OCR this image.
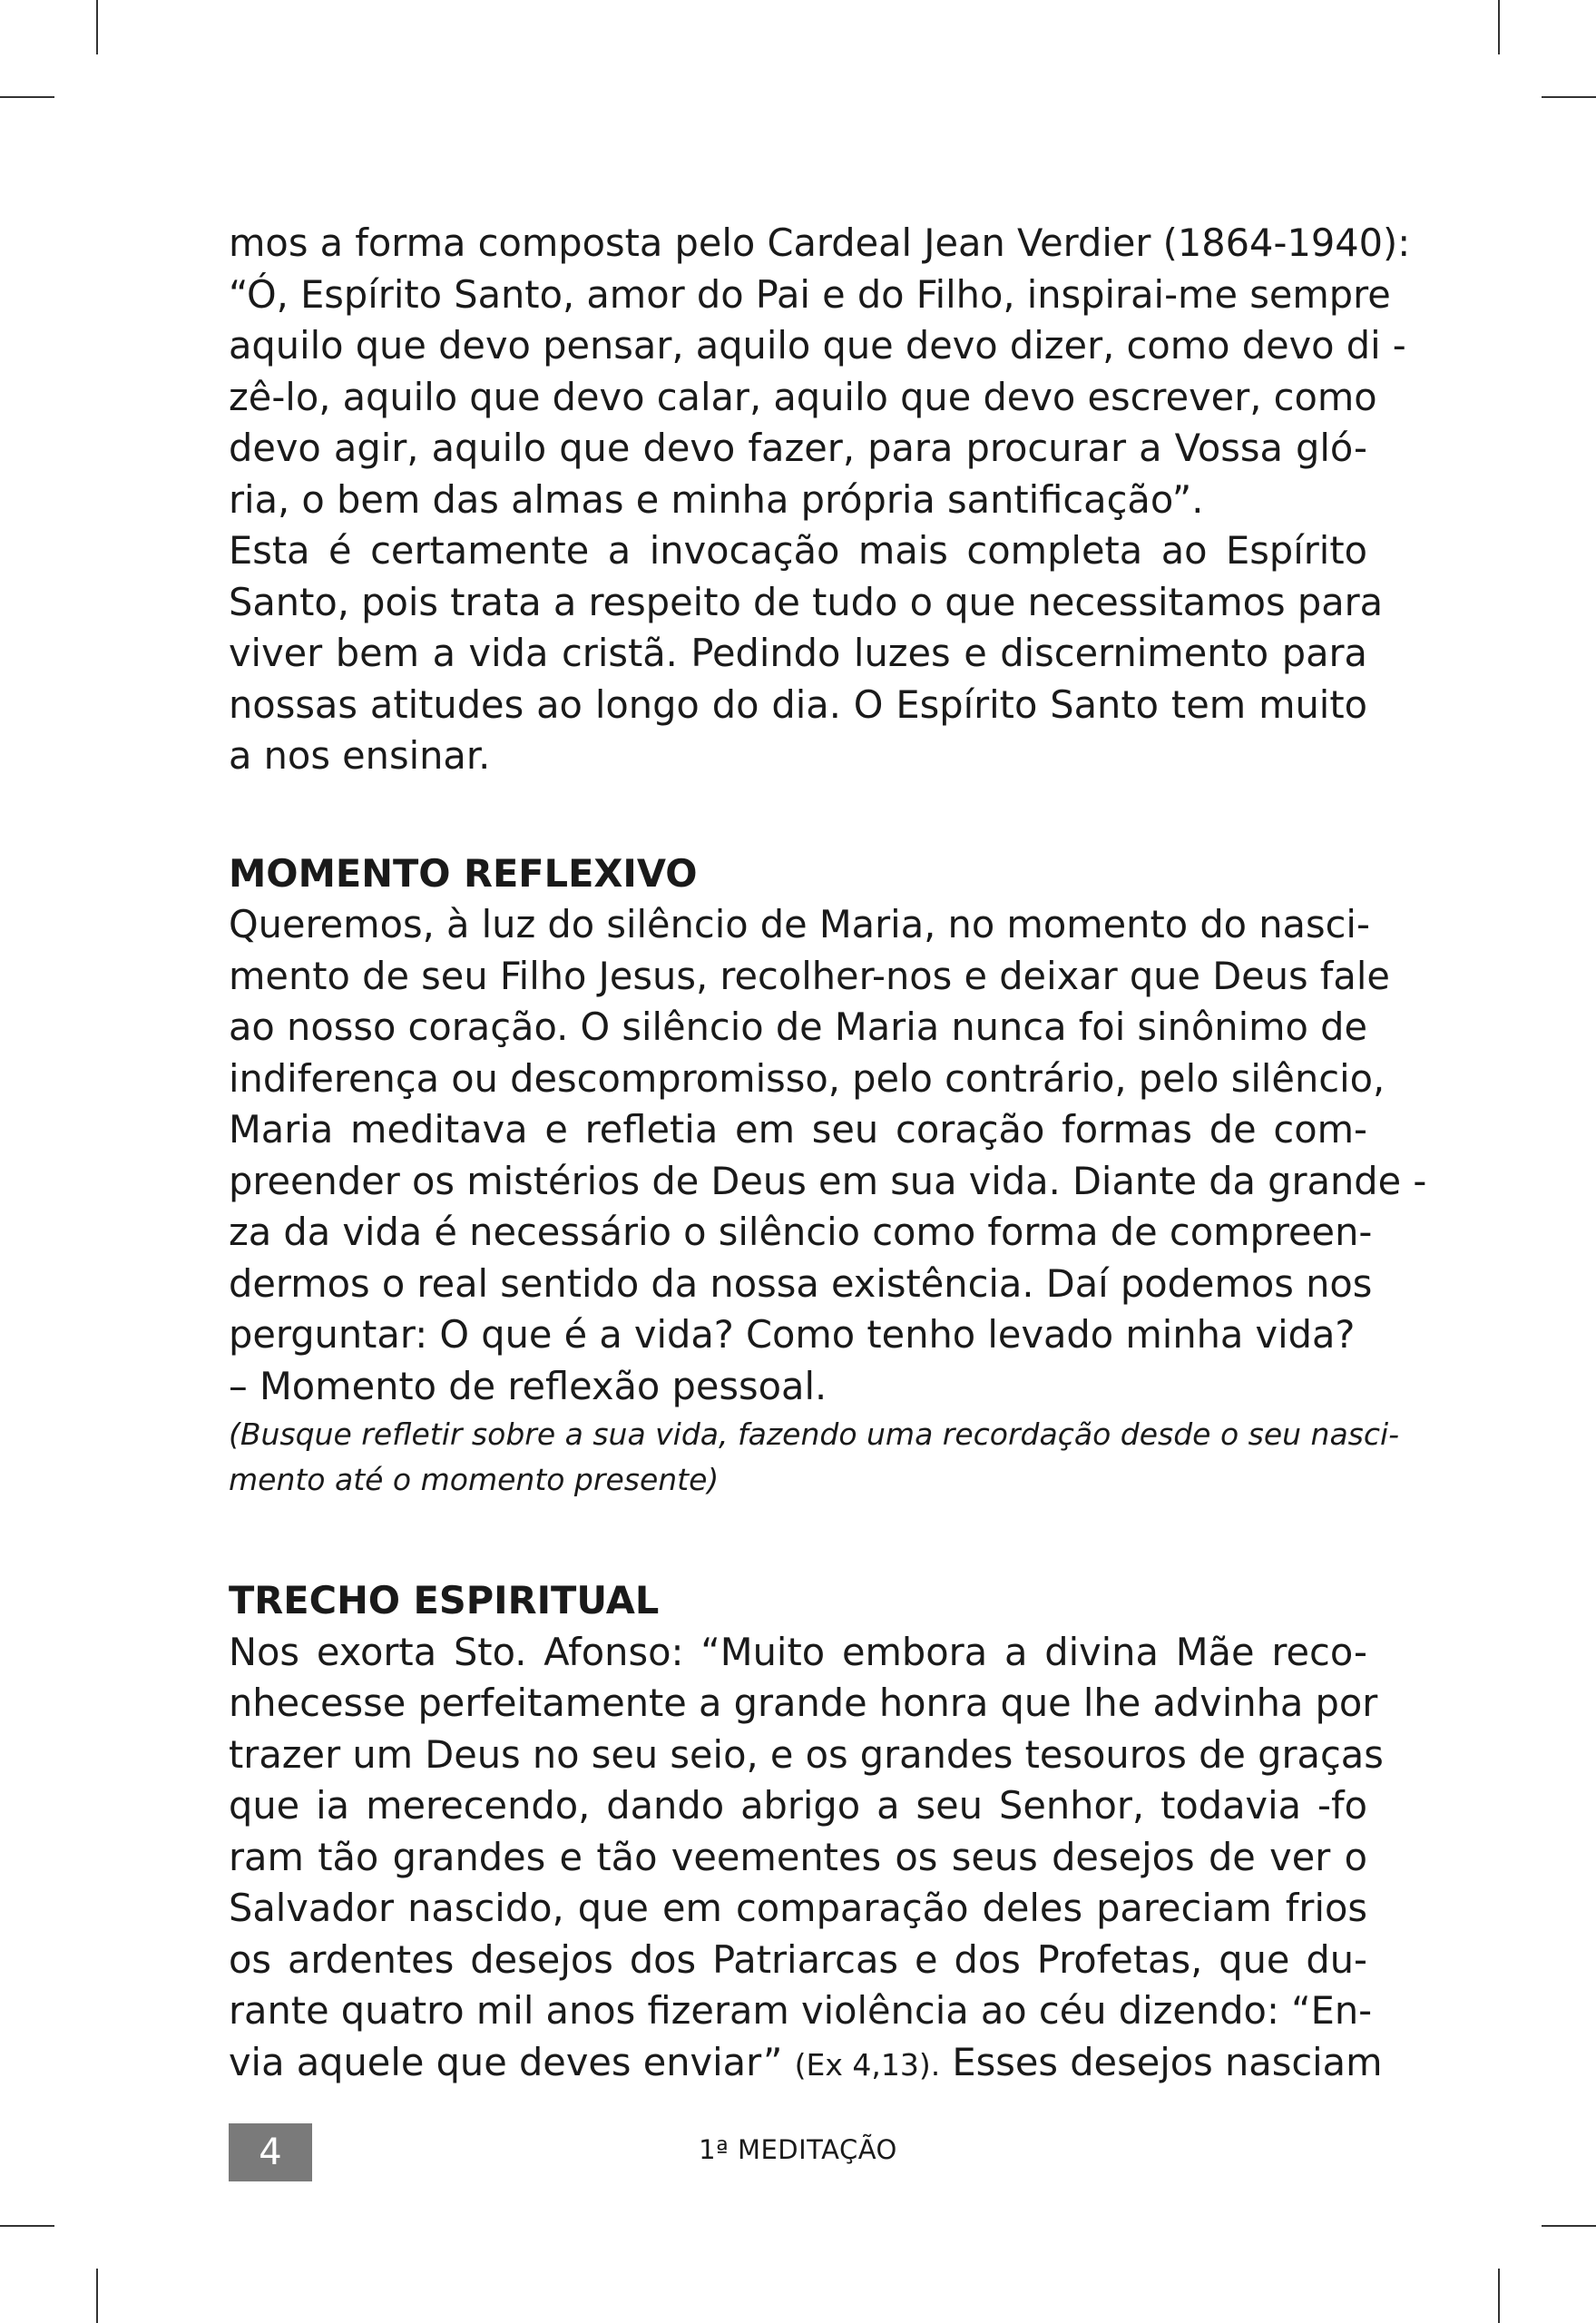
mos a forma composta pelo Cardeal Jean Verdier (1864-1940):
“Ó, Espírito Santo, amor do Pai e do Filho, inspirai-me sempre
aquilo que devo pensar, aquilo que devo dizer, como devo di -
zê-lo, aquilo que devo calar, aquilo que devo escrever, como
devo agir, aquilo que devo fazer, para procurar a Vossa gló-
ria, o bem das almas e minha própria santificação”.
Esta é certamente a invocação mais completa ao Espírito
Santo, pois trata a respeito de tudo o que necessitamos para
viver bem a vida cristã. Pedindo luzes e discernimento para
nossas atitudes ao longo do dia. O Espírito Santo tem muito
a nos ensinar.
MOMENTO REFLEXIVO
Queremos, à luz do silêncio de Maria, no momento do nasci-
mento de seu Filho Jesus, recolher-nos e deixar que Deus fale
ao nosso coração. O silêncio de Maria nunca foi sinônimo de
indiferença ou descompromisso, pelo contrário, pelo silêncio,
Maria meditava e refletia em seu coração formas de com-
preender os mistérios de Deus em sua vida. Diante da grande -
za da vida é necessário o silêncio como forma de compreen-
dermos o real sentido da nossa existência. Daí podemos nos
perguntar: O que é a vida? Como tenho levado minha vida?
– Momento de reflexão pessoal.
(Busque refletir sobre a sua vida, fazendo uma recordação desde o seu nasci-
mento até o momento presente)
TRECHO ESPIRITUAL
Nos exorta Sto. Afonso: “Muito embora a divina Mãe reco-
nhecesse perfeitamente a grande honra que lhe advinha por
trazer um Deus no seu seio, e os grandes tesouros de graças
que ia merecendo, dando abrigo a seu Senhor, todavia -fo
ram tão grandes e tão veementes os seus desejos de ver o
Salvador nascido, que em comparação deles pareciam frios
os ardentes desejos dos Patriarcas e dos Profetas, que du-
rante quatro mil anos fizeram violência ao céu dizendo: “En-
via aquele que deves enviar” (Ex 4,13). Esses desejos nasciam
4	1ª MEDITAÇÃO
